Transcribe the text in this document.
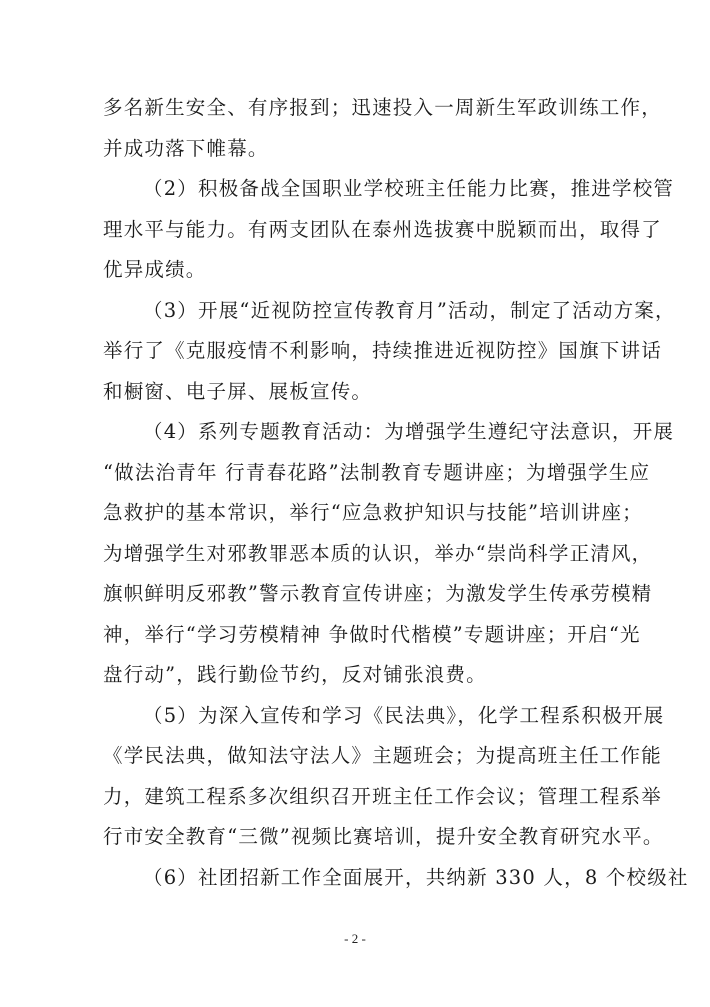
多名新生安全、有序报到；迅速投入一周新生军政训练工作，
并成功落下帷幕。
（2）积极备战全国职业学校班主任能力比赛，推进学校管
理水平与能力。有两支团队在泰州选拔赛中脱颖而出，取得了
优异成绩。
（3）开展“近视防控宣传教育月”活动，制定了活动方案，
举行了《克服疫情不利影响，持续推进近视防控》国旗下讲话
和橱窗、电子屏、展板宣传。
（4）系列专题教育活动：为增强学生遵纪守法意识，开展
“做法治青年 行青春花路”法制教育专题讲座；为增强学生应
急救护的基本常识，举行“应急救护知识与技能”培训讲座；
为增强学生对邪教罪恶本质的认识，举办“崇尚科学正清风，
旗帜鲜明反邪教”警示教育宣传讲座；为激发学生传承劳模精
神，举行“学习劳模精神 争做时代楷模”专题讲座；开启“光
盘行动”，践行勤俭节约，反对铺张浪费。
（5）为深入宣传和学习《民法典》，化学工程系积极开展
《学民法典，做知法守法人》主题班会；为提高班主任工作能
力，建筑工程系多次组织召开班主任工作会议；管理工程系举
行市安全教育“三微”视频比赛培训，提升安全教育研究水平。
（6）社团招新工作全面展开，共纳新 330 人，8 个校级社
- 2 -
